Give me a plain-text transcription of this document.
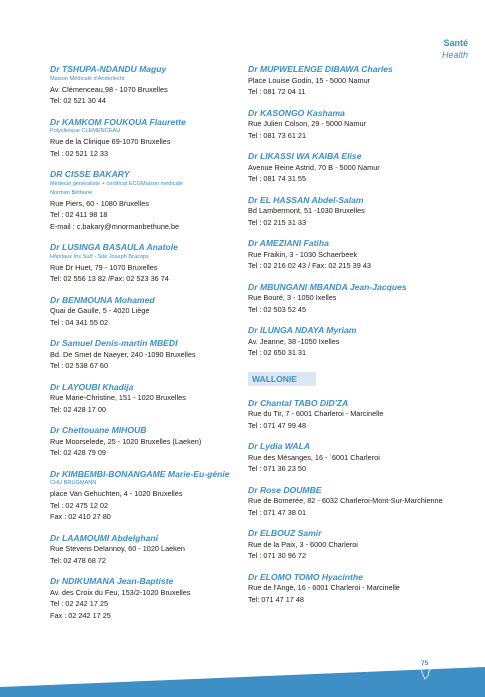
Santé
Health
Dr TSHUPA-NDANDU Maguy
Maison Médicale d'Anderlecht
Av. Clémenceau,98 - 1070 Bruxelles
Tel: 02 521 30 44
Dr KAMKOM FOUKOUA Flaurette
Polyclinique CLEMENCEAU
Rue de la Clinique 69-1070 Bruxelles
Tel : 02 521 12 33
DR CISSE BAKARY
Médecin généraliste + certificat ECGMaison médicale
Norman Béthune
Rue Piers, 60 - 1080 Bruxelles
Tel : 02 411 98 18
E-mail : c.bakary@mnormanbethune.be
Dr LUSINGA BASAULA Anatole
Hôpitaux Iris Sud - Site Joseph Bracops
Rue Dr Huet, 79 - 1070 Bruxelles
Tel: 02 556 13 82 /Fax: 02 523 36 74
Dr BENMOUNA Mohamed
Quai de Gaulle, 5 - 4020 Liège
Tel : 04 341 55 02
Dr Samuel Denis-martin MBEDI
Bd. De Smet de Naeyer, 240 -1090 Bruxelles
Tel : 02 538 67 60
Dr LAYOUBI Khadija
Rue Marie-Christine, 151 - 1020 Bruxelles
Tel: 02 428 17 00
Dr Chettouane MIHOUB
Rue Moorselede, 25 - 1020 Bruxelles (Laeken)
Tel: 02 428 79 09
Dr KIMBEMBI-BONANGAME Marie-Eu-génie
CHU BRUGMANN
place Van Gehuchten, 4 - 1020 Bruxelles
Tel : 02 475 12 02
Fax : 02 410 27 80
Dr LAAMOUMI Abdelghani
Rue Stevens Delannoy, 60 - 1020 Laeken
Tel: 02 478 68 72
Dr NDIKUMANA Jean-Baptiste
Av. des Croix du Feu, 153/2-1020 Bruxelles
Tel : 02 242 17 25
Fax : 02 242 17 25
Dr MUPWELENGE DIBAWA Charles
Place Louise Godin, 15 - 5000 Namur
Tel : 081 72 04 11
Dr KASONGO Kashama
Rue Julien Colson, 29 - 5000 Namur
Tel : 081 73 61 21
Dr LIKASSI WA KAIBA Elise
Avenue Reine Astrid, 70 B - 5000 Namur
Tel : 081 74 31 55
Dr EL HASSAN Abdel-Salam
Bd Lambermont, 51 -1030 Bruxelles
Tel : 02 215 31 33
Dr AMEZIANI Fatiha
Rue Fraikin, 3 - 1030 Schaerbeek
Tel : 02 216 02 43 / Fax: 02 215 39 43
Dr MBUNGANI MBANDA Jean-Jacques
Rue Bouré, 3 - 1050 Ixelles
Tel : 02 503 52 45
Dr ILUNGA NDAYA Myriam
Av. Jeanne, 38 -1050 Ixelles
Tel : 02 650 31 31
WALLONIE
Dr Chantal TABO DID'ZA
Rue du Tir, 7 - 6001 Charleroi - Marcinelle
Tel : 071 47 99 48
Dr Lydia WALA
Rue des Mésanges, 16 - `6001 Charleroi
Tel : 071 36 23 50
Dr Rose DOUMBE
Rue de Bomerée, 82 - 6032 Charleroi-Mont-Sur-Marchienne
Tel : 071 47 38 01
Dr ELBOUZ Samir
Rue de la Paix, 3 - 6000 Charleroi
Tel : 071 30 96 72
Dr ELOMO TOMO Hyacinthe
Rue de l'Ange, 16 - 6001 Charleroi - Marcinelle
Tel: 071 47 17 48
75
